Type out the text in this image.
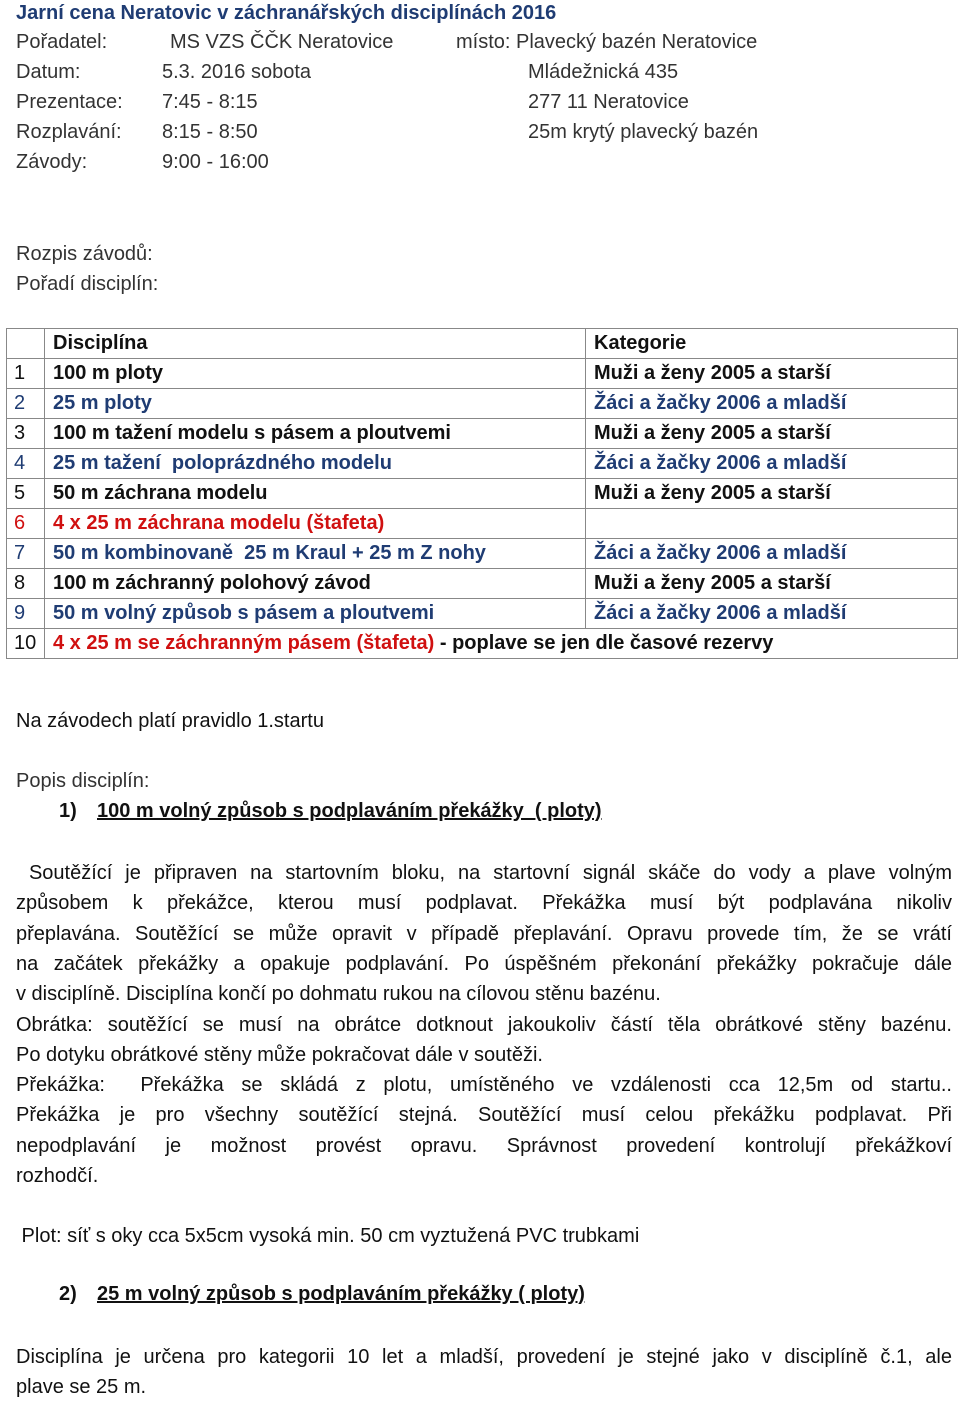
Jarní cena Neratovic v záchranářských disciplínách 2016
Pořadatel:	MS VZS ČČK Neratovice	místo: Plavecký bazén Neratovice
Datum:	5.3. 2016 sobota	Mládežnická 435
Prezentace: 7:45 - 8:15	277 11 Neratovice
Rozplavání: 8:15 - 8:50	25m krytý plavecký bazén
Závody:	9:00 - 16:00
Rozpis závodů:
Pořadí disciplín:
	Disciplína	Kategorie
1	100 m ploty	Muži a ženy 2005 a starší
2	25 m ploty	Žáci a žačky 2006 a mladší
3	100 m tažení modelu s pásem a ploutvemi	Muži a ženy 2005 a starší
4	25 m tažení  poloprázdného modelu	Žáci a žačky 2006 a mladší
5	50 m záchrana modelu	Muži a ženy 2005 a starší
6	4 x 25 m záchrana modelu (štafeta)	
7	50 m kombinovaně  25 m Kraul + 25 m Z nohy	Žáci a žačky 2006 a mladší
8	100 m záchranný polohový závod	Muži a ženy 2005 a starší
9	50 m volný způsob s pásem a ploutvemi	Žáci a žačky 2006 a mladší
10	4 x 25 m se záchranným pásem (štafeta) - poplave se jen dle časové rezervy	
Na závodech platí pravidlo 1.startu
Popis disciplín:
1) 100 m volný způsob s podplaváním překážky  ( ploty)
Soutěžící je připraven na startovním bloku, na startovní signál skáče do vody a plave volným
způsobem k překážce, kterou musí podplavat. Překážka musí být podplavána nikoliv
přeplavána. Soutěžící se může opravit v případě přeplavání. Opravu provede tím, že se vrátí
na začátek překážky a opakuje podplavání. Po úspěšném překonání překážky pokračuje dále
v disciplíně. Disciplína končí po dohmatu rukou na cílovou stěnu bazénu.
Obrátka: soutěžící se musí na obrátce dotknout jakoukoliv částí těla obrátkové stěny bazénu.
Po dotyku obrátkové stěny může pokračovat dále v soutěži.
Překážka:  Překážka se skládá z plotu, umístěného ve vzdálenosti cca 12,5m od startu..
Překážka je pro všechny soutěžící stejná. Soutěžící musí celou překážku podplavat. Při
nepodplavání je možnost provést opravu. Správnost provedení kontrolují překážkoví
rozhodčí.
Plot: síť s oky cca 5x5cm vysoká min. 50 cm vyztužená PVC trubkami
2) 25 m volný způsob s podplaváním překážky ( ploty)
Disciplína je určena pro kategorii 10 let a mladší, provedení je stejné jako v disciplíně č.1, ale
plave se 25 m.
